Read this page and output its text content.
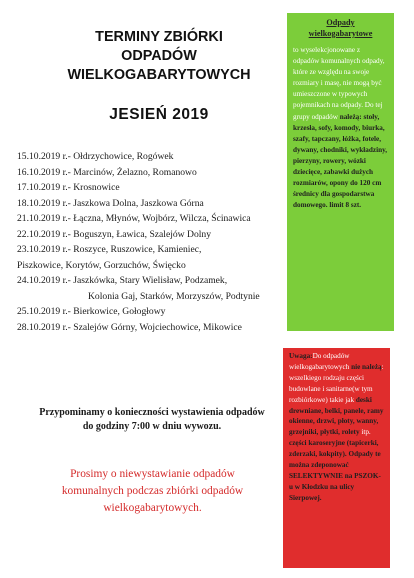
TERMINY ZBIÓRKI
ODPADÓW
WIELKOGABARYTOWYCH
JESIEŃ 2019
15.10.2019 r.- Ołdrzychowice, Rogówek
16.10.2019 r.- Marcinów, Żelazno, Romanowo
17.10.2019 r.- Krosnowice
18.10.2019 r.- Jaszkowa Dolna, Jaszkowa Górna
21.10.2019 r.- Łączna, Młynów, Wojbórz, Wilcza, Ścinawica
22.10.2019 r.- Boguszyn, Ławica, Szalejów Dolny
23.10.2019 r.- Roszyce, Ruszowice, Kamieniec,
Piszkowice, Korytów, Gorzuchów, Święcko
24.10.2019 r.- Jaszkówka, Stary Wielisław, Podzamek,
Kolonia Gaj, Starków, Morzyszów, Podtynie
25.10.2019 r.- Bierkowice, Gołogłowy
28.10.2019 r.- Szalejów Górny, Wojciechowice, Mikowice
Przypominamy o konieczności wystawienia odpadów
do godziny 7:00 w dniu wywozu.
Prosimy o niewystawianie odpadów
komunalnych podczas zbiórki odpadów
wielkogabarytowych.
Odpady
wielkogabarytowe
to wyselekcjonowane z odpadów komunalnych odpady, które ze względu na swoje rozmiary i masę, nie mogą być umieszczone w typowych pojemnikach na odpady. Do tej grupy odpadów należą: stoły, krzesła, sofy, komody, biurka, szafy, tapczany, łóżka, fotele, dywany, chodniki, wykładziny, pierzyny, rowery, wózki dziecięce, zabawki dużych rozmiarów, opony do 120 cm średnicy dla gospodarstwa domowego. limit 8 szt.
Uwaga:Do odpadów wielkogabarytowych nie należą: wszelkiego rodzaju części budowlane i sanitarne(w tym rozbiórkowe) takie jak deski drewniane, belki, panele, ramy okienne, drzwi, płoty, wanny, grzejniki, płytki, rolety itp. części karoseryjne (tapicerki, zderzaki, kokpity). Odpady te można zdeponować SELEKTYWNIE na PSZOK- u w Kłodzku na ulicy Sierpowej.
